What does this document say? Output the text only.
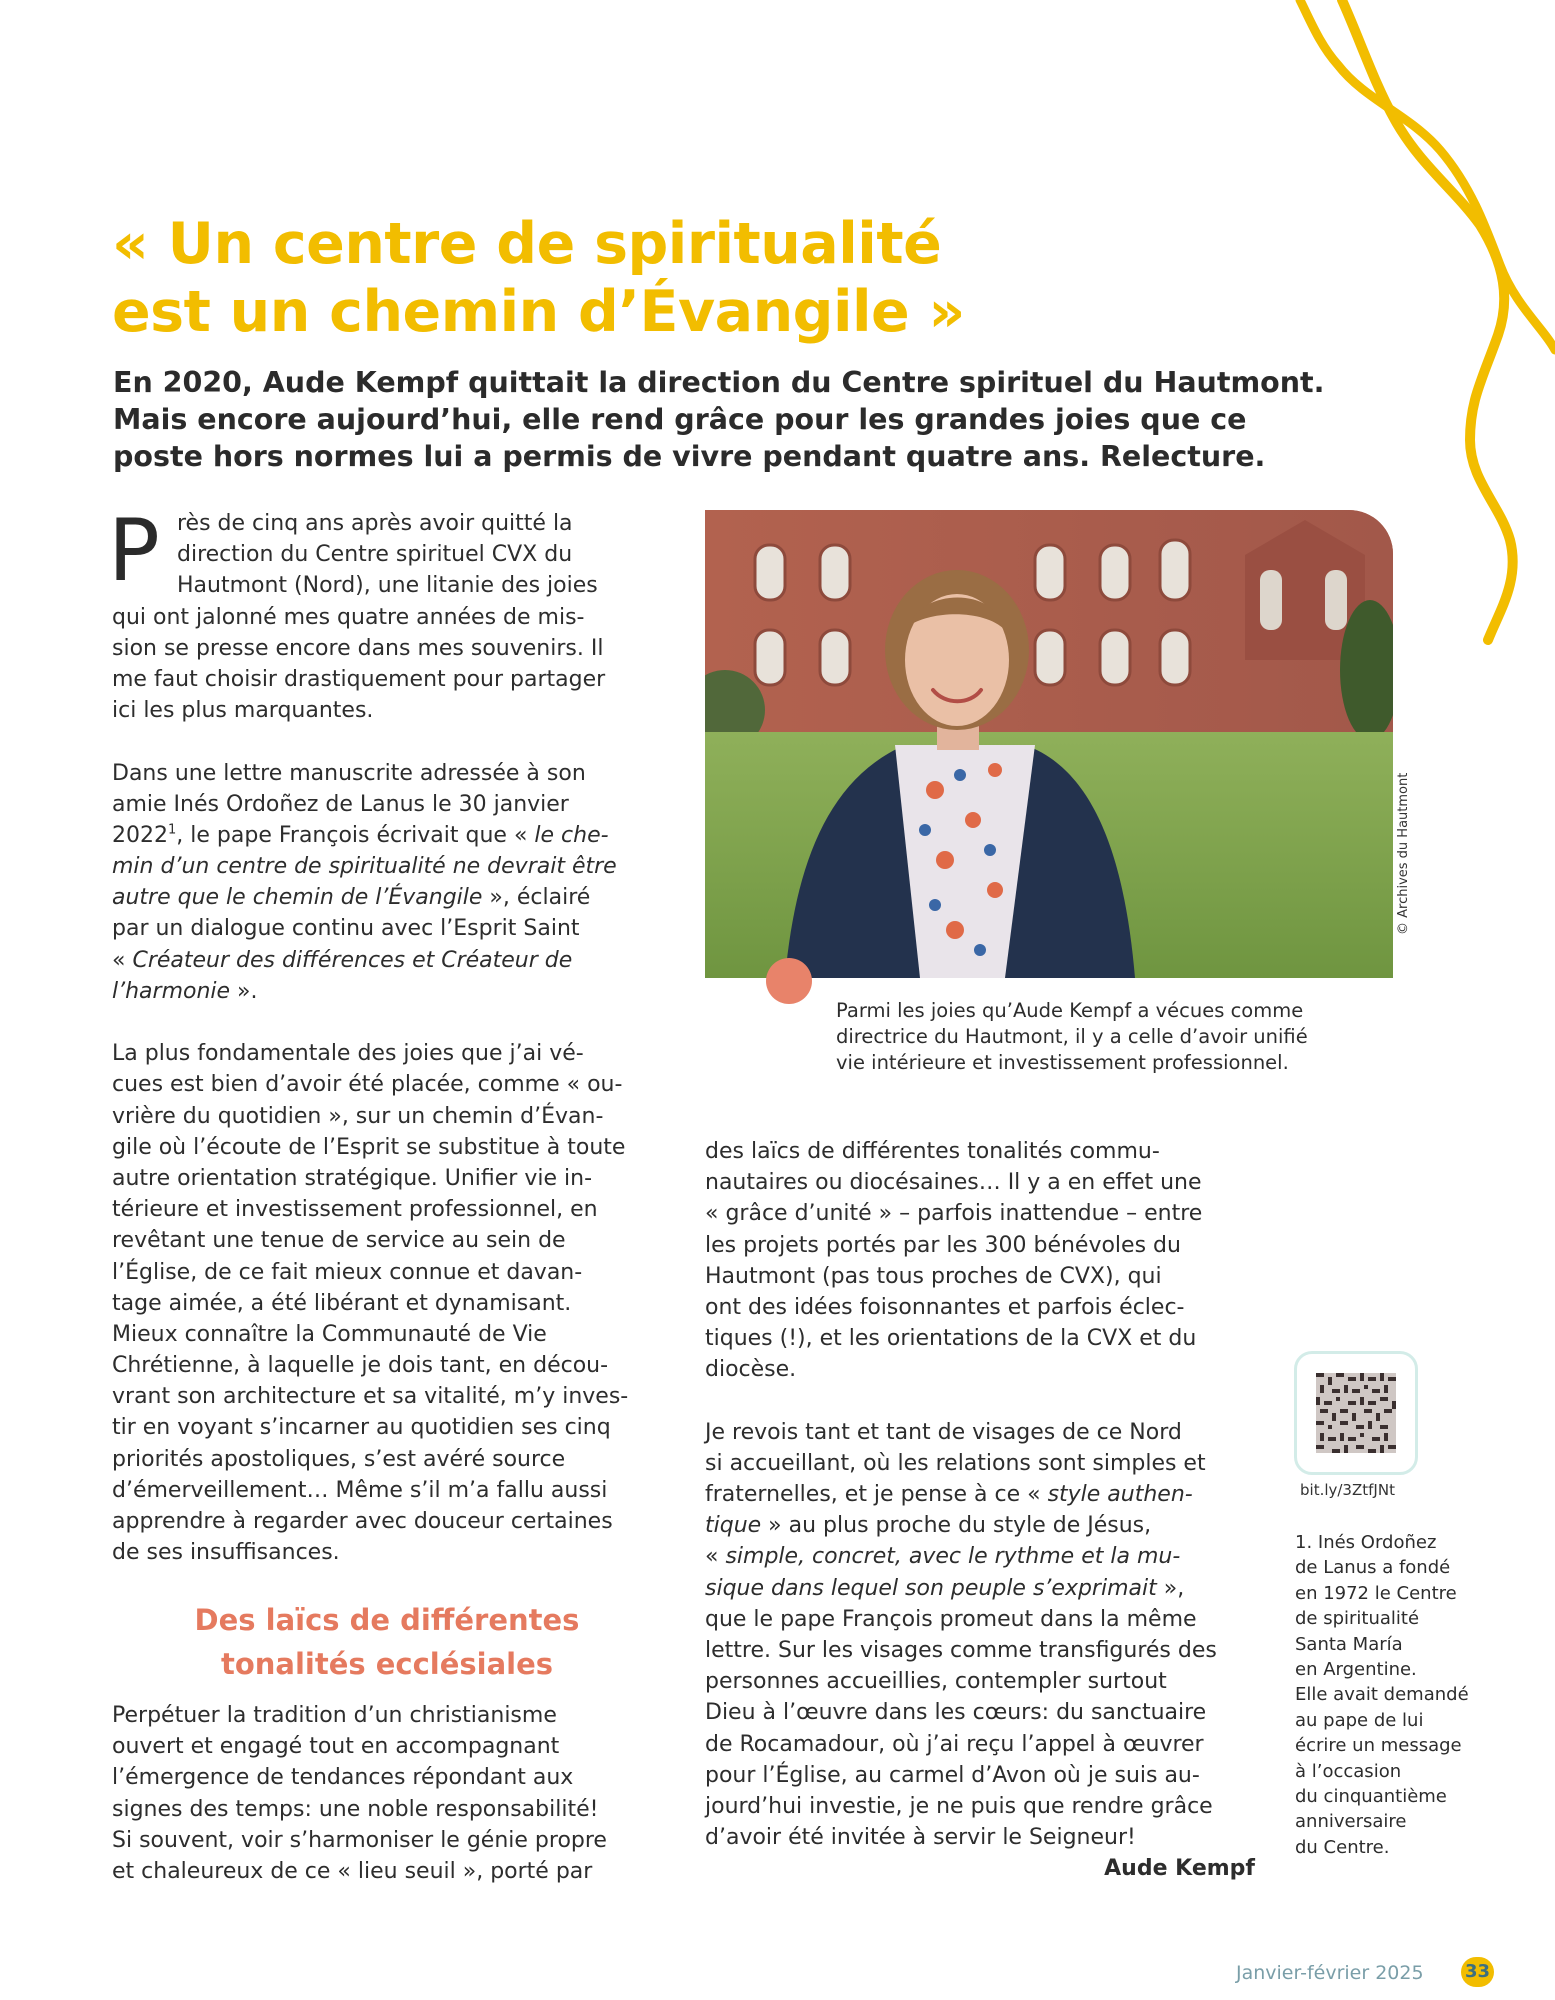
« Un centre de spiritualité
est un chemin d’Évangile »

En 2020, Aude Kempf quittait la direction du Centre spirituel du Hautmont.
Mais encore aujourd’hui, elle rend grâce pour les grandes joies que ce
poste hors normes lui a permis de vivre pendant quatre ans. Relecture.

P rès de cinq ans après avoir quitté la
direction du Centre spirituel CVX du
Hautmont (Nord), une litanie des joies
qui ont jalonné mes quatre années de mis-
sion se presse encore dans mes souvenirs. Il
me faut choisir drastiquement pour partager
ici les plus marquantes.
Dans une lettre manuscrite adressée à son
amie Inés Ordoñez de Lanus le 30 janvier
2022$^1$, le pape François écrivait que « le che-
min d’un centre de spiritualité ne devrait être
autre que le chemin de l’Évangile », éclairé
par un dialogue continu avec l’Esprit Saint
« Créateur des différences et Créateur de
l’harmonie ».
La plus fondamentale des joies que j’ai vé-
cues est bien d’avoir été placée, comme « ou-
vrière du quotidien », sur un chemin d’Évan-
gile où l’écoute de l’Esprit se substitue à toute
autre orientation stratégique. Unifier vie in-
térieure et investissement professionnel, en
revêtant une tenue de service au sein de
l’Église, de ce fait mieux connue et davan-
tage aimée, a été libérant et dynamisant.
Mieux connaître la Communauté de Vie
Chrétienne, à laquelle je dois tant, en décou-
vrant son architecture et sa vitalité, m’y inves-
tir en voyant s’incarner au quotidien ses cinq
priorités apostoliques, s’est avéré source
d’émerveillement… Même s’il m’a fallu aussi
apprendre à regarder avec douceur certaines
de ses insuffisances.
Des laïcs de différentes
tonalités ecclésiales
Perpétuer la tradition d’un christianisme
ouvert et engagé tout en accompagnant
l’émergence de tendances répondant aux
signes des temps: une noble responsabilité!
Si souvent, voir s’harmoniser le génie propre
et chaleureux de ce « lieu seuil », porté par
© Archives du Hautmont
Parmi les joies qu’Aude Kempf a vécues comme
directrice du Hautmont, il y a celle d’avoir unifié
vie intérieure et investissement professionnel.
des laïcs de différentes tonalités commu-
nautaires ou diocésaines… Il y a en effet une
« grâce d’unité » – parfois inattendue – entre
les projets portés par les 300 bénévoles du
Hautmont (pas tous proches de CVX), qui
ont des idées foisonnantes et parfois éclec-
tiques (!), et les orientations de la CVX et du
diocèse.
Je revois tant et tant de visages de ce Nord
si accueillant, où les relations sont simples et
fraternelles, et je pense à ce « style authen-
tique » au plus proche du style de Jésus,
« simple, concret, avec le rythme et la mu-
sique dans lequel son peuple s’exprimait »,
que le pape François promeut dans la même
lettre. Sur les visages comme transfigurés des
personnes accueillies, contempler surtout
Dieu à l’œuvre dans les cœurs: du sanctuaire
de Rocamadour, où j’ai reçu l’appel à œuvrer
pour l’Église, au carmel d’Avon où je suis au-
jourd’hui investie, je ne puis que rendre grâce
d’avoir été invitée à servir le Seigneur!
Aude Kempf
bit.ly/3ZtfJNt
1. Inés Ordoñez
de Lanus a fondé
en 1972 le Centre
de spiritualité
Santa María
en Argentine.
Elle avait demandé
au pape de lui
écrire un message
à l’occasion
du cinquantième
anniversaire
du Centre.
Janvier-février 2025 33
